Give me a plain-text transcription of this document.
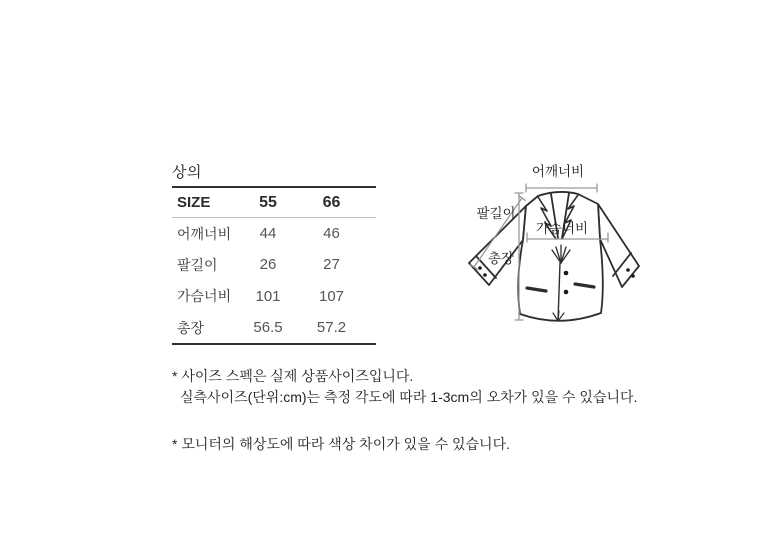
상의
SIZE	55	66
어깨너비	44	46
팔길이	26	27
가슴너비	101	107
총장	56.5	57.2
어깨너비
팔길이
가슴너비
총장
* 사이즈 스펙은 실제 상품사이즈입니다.
실측사이즈(단위:cm)는 측정 각도에 따라 1-3cm의 오차가 있을 수 있습니다.
* 모니터의 해상도에 따라 색상 차이가 있을 수 있습니다.
